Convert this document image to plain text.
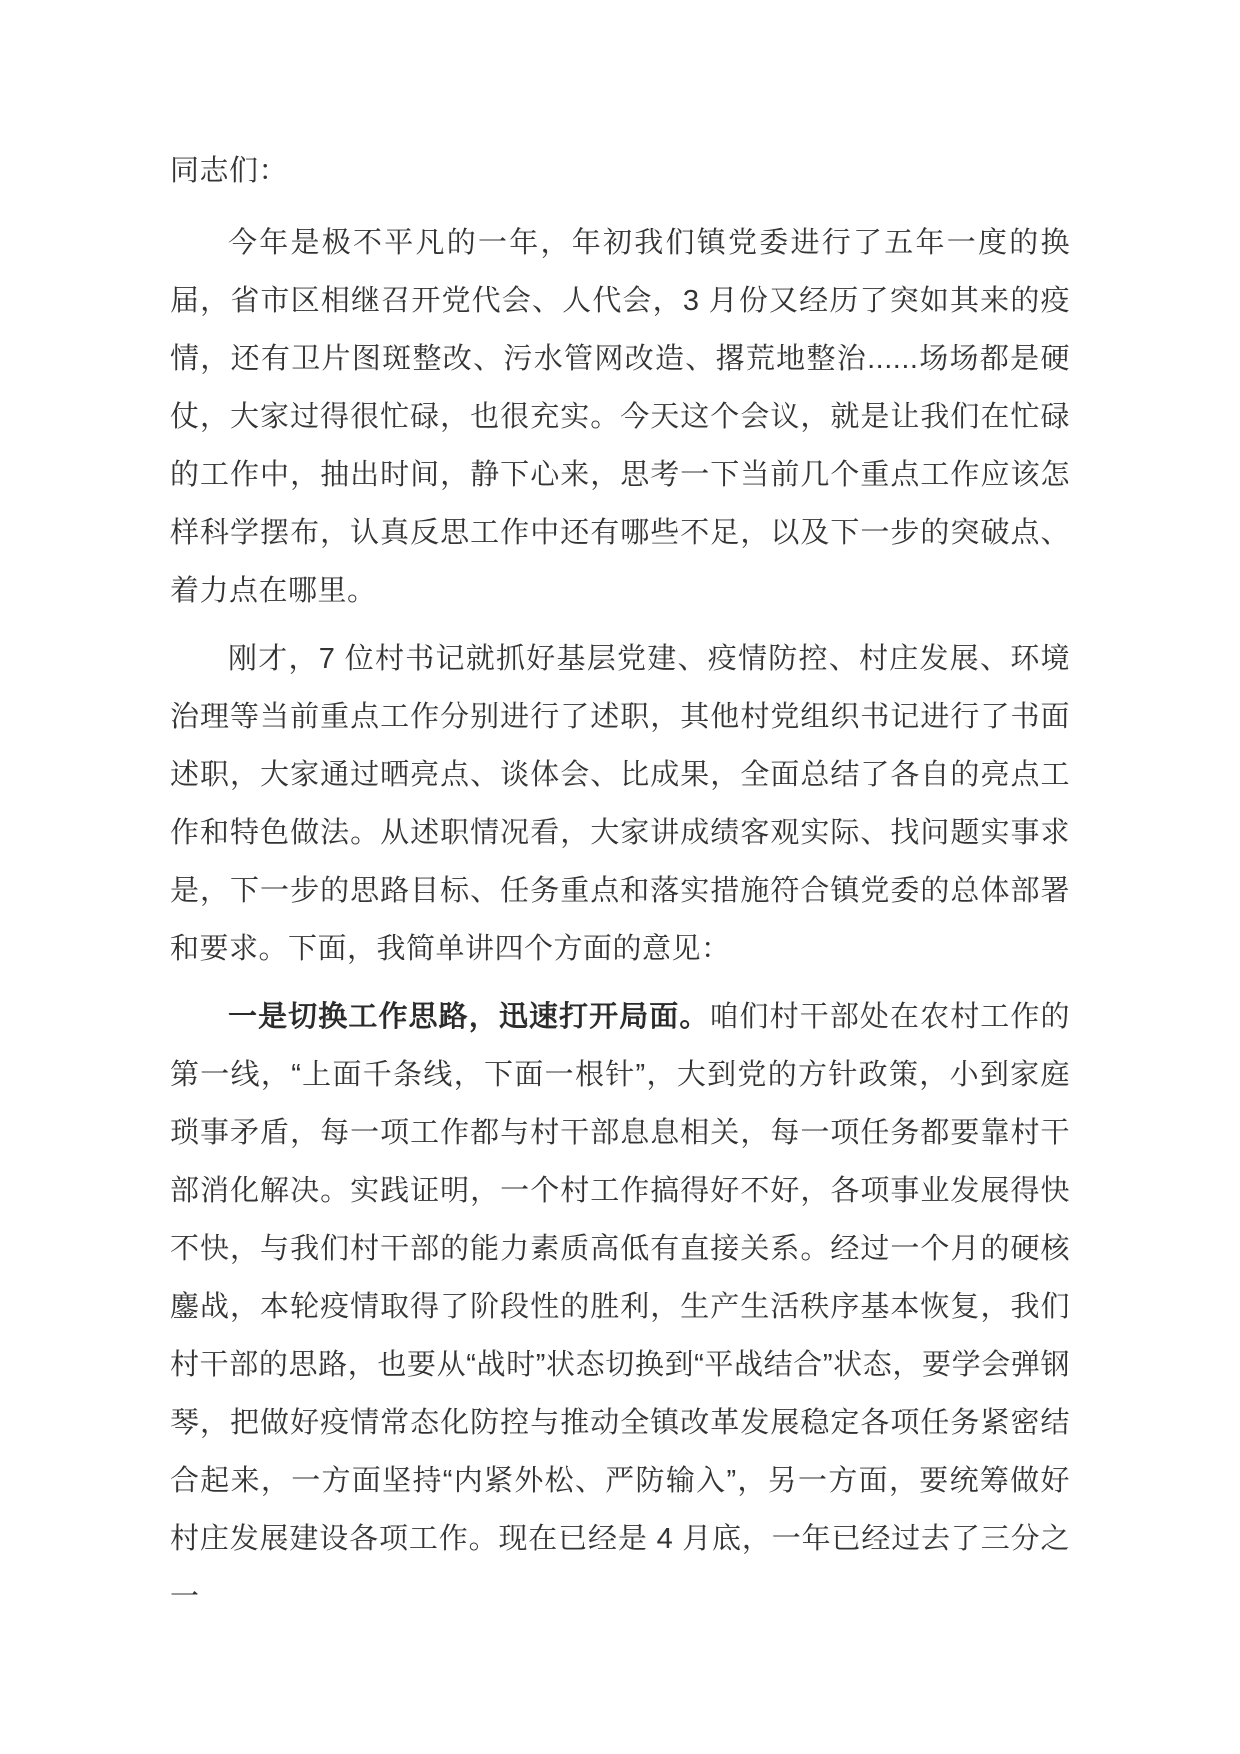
同志们：

今年是极不平凡的一年，年初我们镇党委进行了五年一度的换届，省市区相继召开党代会、人代会，3 月份又经历了突如其来的疫情，还有卫片图斑整改、污水管网改造、撂荒地整治......场场都是硬仗，大家过得很忙碌，也很充实。今天这个会议，就是让我们在忙碌的工作中，抽出时间，静下心来，思考一下当前几个重点工作应该怎样科学摆布，认真反思工作中还有哪些不足，以及下一步的突破点、着力点在哪里。

刚才，7 位村书记就抓好基层党建、疫情防控、村庄发展、环境治理等当前重点工作分别进行了述职，其他村党组织书记进行了书面述职，大家通过晒亮点、谈体会、比成果，全面总结了各自的亮点工作和特色做法。从述职情况看，大家讲成绩客观实际、找问题实事求是，下一步的思路目标、任务重点和落实措施符合镇党委的总体部署和要求。下面，我简单讲四个方面的意见：

一是切换工作思路，迅速打开局面。咱们村干部处在农村工作的第一线，“上面千条线，下面一根针”，大到党的方针政策，小到家庭琐事矛盾，每一项工作都与村干部息息相关，每一项任务都要靠村干部消化解决。实践证明，一个村工作搞得好不好，各项事业发展得快不快，与我们村干部的能力素质高低有直接关系。经过一个月的硬核鏖战，本轮疫情取得了阶段性的胜利，生产生活秩序基本恢复，我们村干部的思路，也要从“战时”状态切换到“平战结合”状态，要学会弹钢琴，把做好疫情常态化防控与推动全镇改革发展稳定各项任务紧密结合起来，一方面坚持“内紧外松、严防输入”，另一方面，要统筹做好村庄发展建设各项工作。现在已经是 4 月底，一年已经过去了三分之一
